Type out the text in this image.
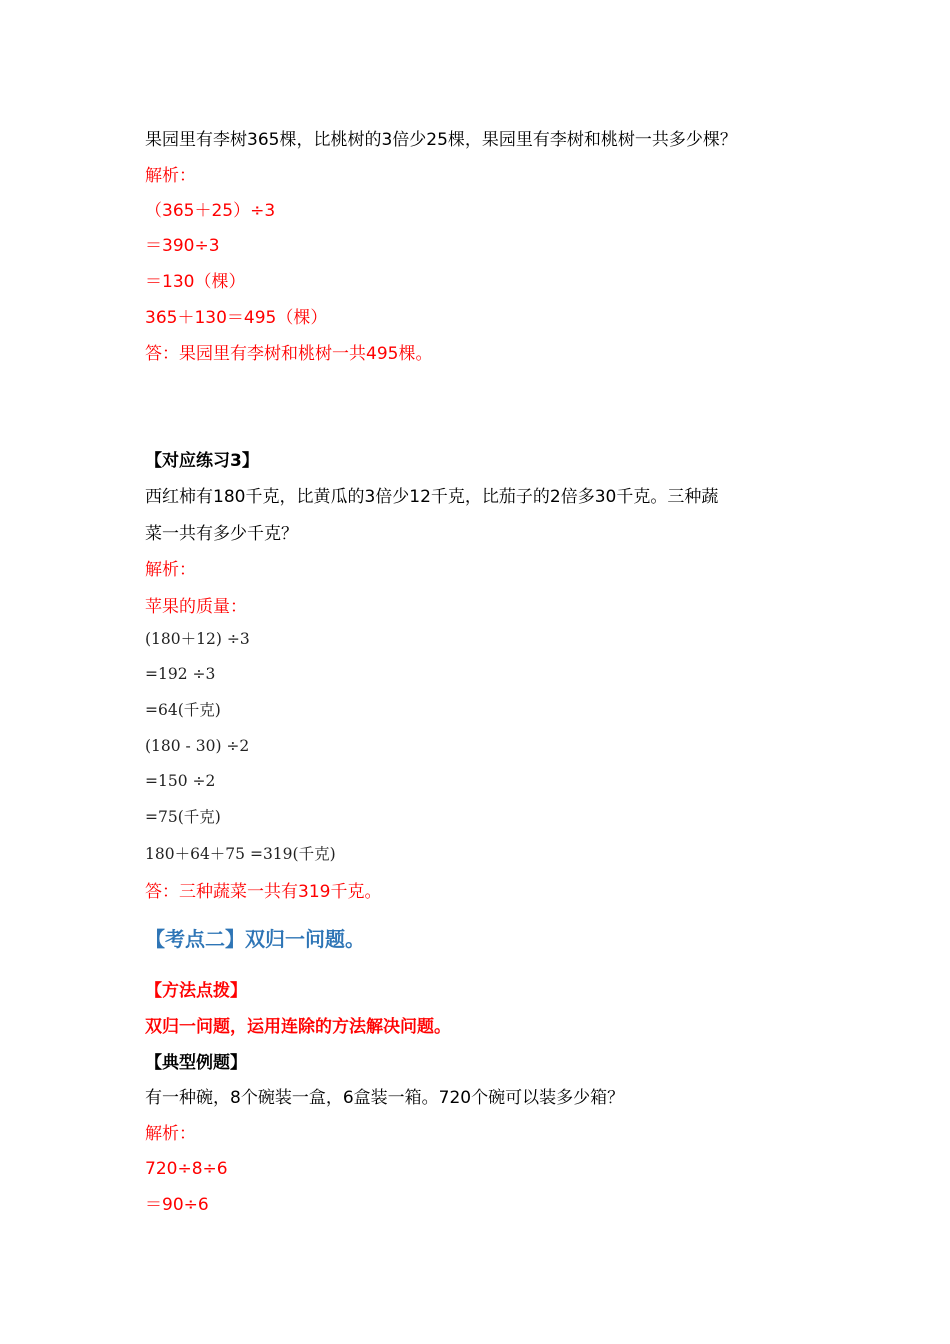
果园里有李树365棵，比桃树的3倍少25棵，果园里有李树和桃树一共多少棵？
解析：
（365＋25）÷3
＝390÷3
＝130（棵）
365＋130＝495（棵）
答：果园里有李树和桃树一共495棵。
【对应练习3】
西红柿有180千克，比黄瓜的3倍少12千克，比茄子的2倍多30千克。三种蔬
菜一共有多少千克？
解析：
苹果的质量：
(180＋12) ÷3
=192 ÷3
=64(千克)
(180 - 30) ÷2
=150 ÷2
=75(千克)
180＋64＋75 =319(千克)
答：三种蔬菜一共有319千克。
【考点二】双归一问题。
【方法点拨】
双归一问题，运用连除的方法解决问题。
【典型例题】
有一种碗，8个碗装一盒，6盒装一箱。720个碗可以装多少箱？
解析：
720÷8÷6
＝90÷6
